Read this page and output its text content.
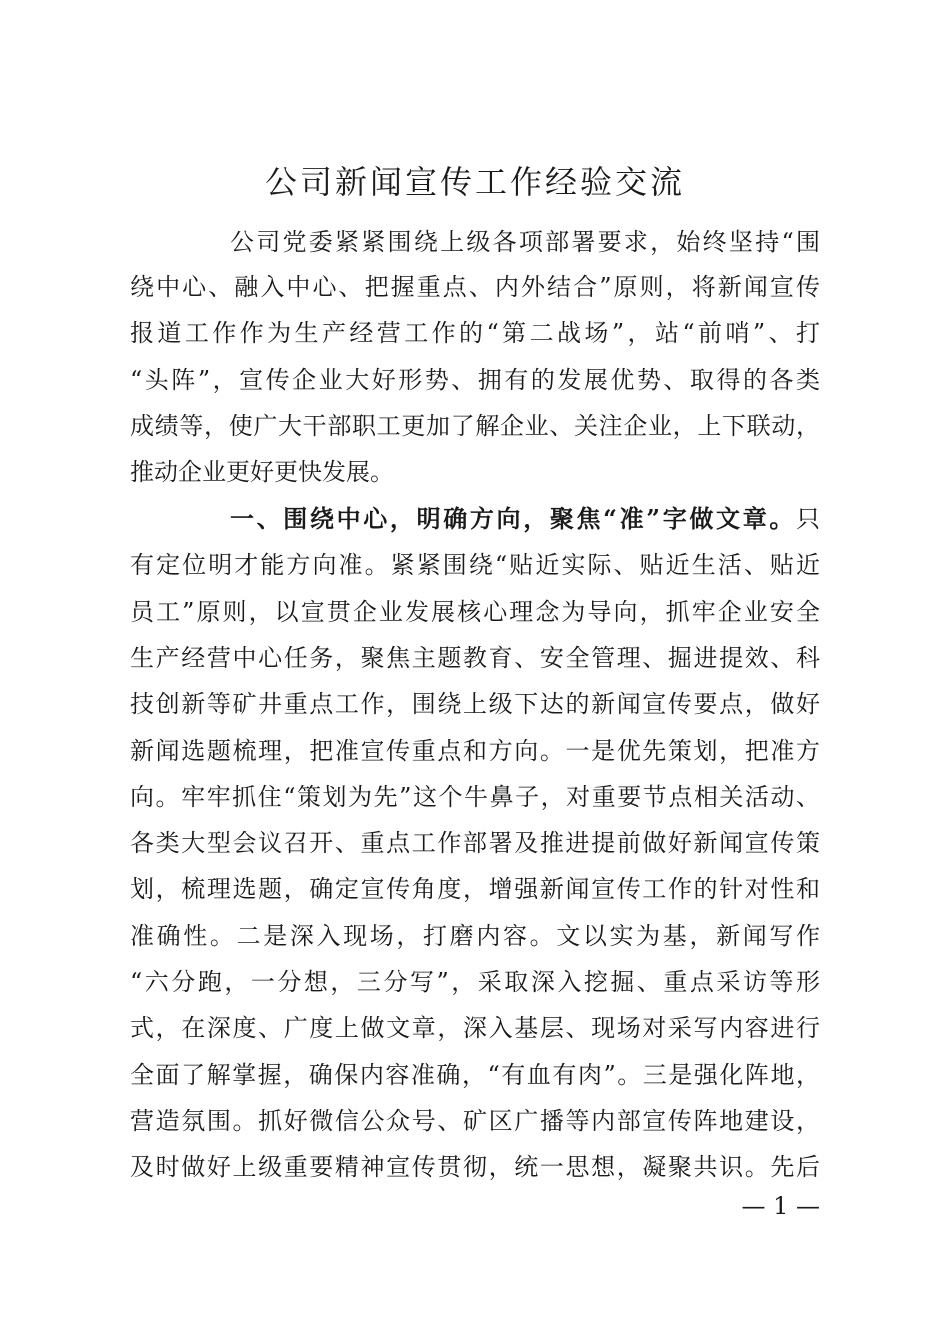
公司新闻宣传工作经验交流
公司党委紧紧围绕上级各项部署要求，始终坚持“围
绕中心、融入中心、把握重点、内外结合”原则，将新闻宣传
报道工作作为生产经营工作的“第二战场”，站“前哨”、打
“头阵”，宣传企业大好形势、拥有的发展优势、取得的各类
成绩等，使广大干部职工更加了解企业、关注企业，上下联动，
推动企业更好更快发展。
一、围绕中心，明确方向，聚焦“准”字做文章。只
有定位明才能方向准。紧紧围绕“贴近实际、贴近生活、贴近
员工”原则，以宣贯企业发展核心理念为导向，抓牢企业安全
生产经营中心任务，聚焦主题教育、安全管理、掘进提效、科
技创新等矿井重点工作，围绕上级下达的新闻宣传要点，做好
新闻选题梳理，把准宣传重点和方向。一是优先策划，把准方
向。牢牢抓住“策划为先”这个牛鼻子，对重要节点相关活动、
各类大型会议召开、重点工作部署及推进提前做好新闻宣传策
划，梳理选题，确定宣传角度，增强新闻宣传工作的针对性和
准确性。二是深入现场，打磨内容。文以实为基，新闻写作
“六分跑，一分想，三分写”，采取深入挖掘、重点采访等形
式，在深度、广度上做文章，深入基层、现场对采写内容进行
全面了解掌握，确保内容准确，“有血有肉”。三是强化阵地，
营造氛围。抓好微信公众号、矿区广播等内部宣传阵地建设，
及时做好上级重要精神宣传贯彻，统一思想，凝聚共识。先后
— 1 —
